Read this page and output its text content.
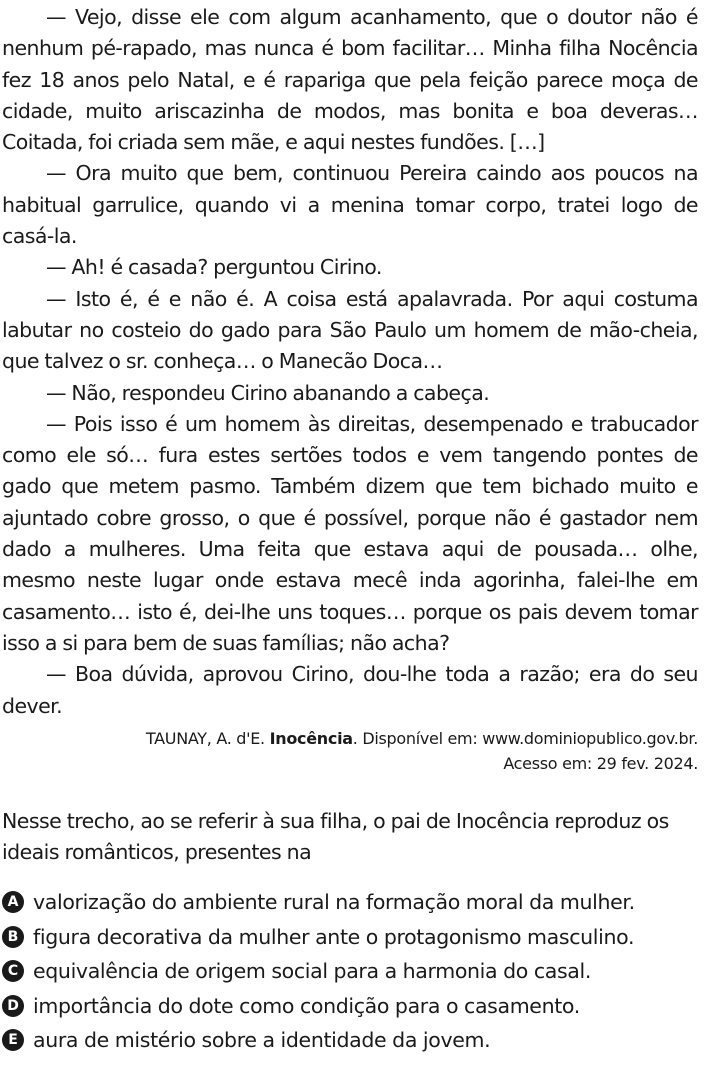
— Vejo, disse ele com algum acanhamento, que o doutor não é nenhum pé-rapado, mas nunca é bom facilitar… Minha filha Nocência fez 18 anos pelo Natal, e é rapariga que pela feição parece moça de cidade, muito ariscazinha de modos, mas bonita e boa deveras… Coitada, foi criada sem mãe, e aqui nestes fundões. […]

— Ora muito que bem, continuou Pereira caindo aos poucos na habitual garrulice, quando vi a menina tomar corpo, tratei logo de casá-la.

— Ah! é casada? perguntou Cirino.

— Isto é, é e não é. A coisa está apalavrada. Por aqui costuma labutar no costeio do gado para São Paulo um homem de mão-cheia, que talvez o sr. conheça… o Manecão Doca…

— Não, respondeu Cirino abanando a cabeça.

— Pois isso é um homem às direitas, desempenado e trabucador como ele só… fura estes sertões todos e vem tangendo pontes de gado que metem pasmo. Também dizem que tem bichado muito e ajuntado cobre grosso, o que é possível, porque não é gastador nem dado a mulheres. Uma feita que estava aqui de pousada… olhe, mesmo neste lugar onde estava mecê inda agorinha, falei-lhe em casamento… isto é, dei-lhe uns toques… porque os pais devem tomar isso a si para bem de suas famílias; não acha?

— Boa dúvida, aprovou Cirino, dou-lhe toda a razão; era do seu dever.

TAUNAY, A. d'E. Inocência. Disponível em: www.dominiopublico.gov.br.
Acesso em: 29 fev. 2024.
Nesse trecho, ao se referir à sua filha, o pai de Inocência reproduz os ideais românticos, presentes na
A valorização do ambiente rural na formação moral da mulher.
B figura decorativa da mulher ante o protagonismo masculino.
C equivalência de origem social para a harmonia do casal.
D importância do dote como condição para o casamento.
E aura de mistério sobre a identidade da jovem.
